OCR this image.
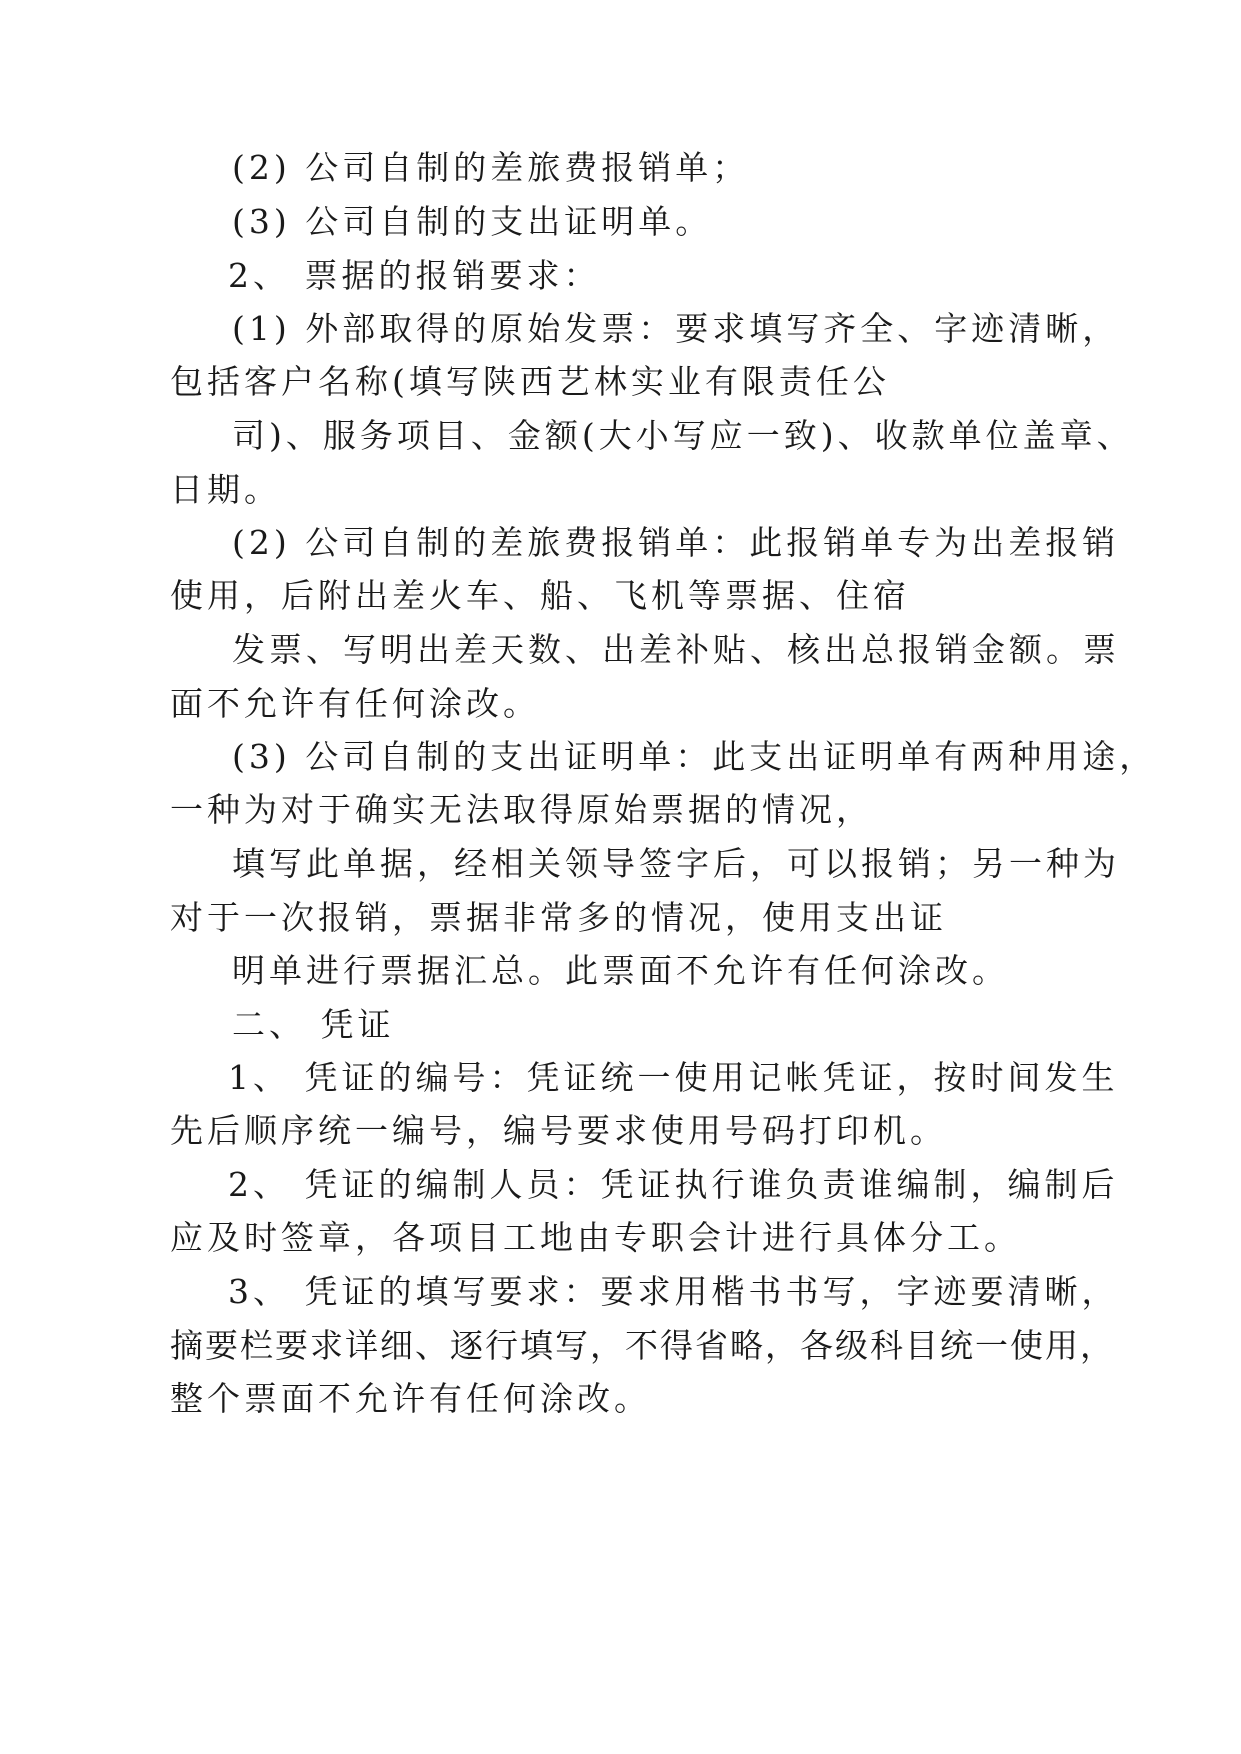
(2) 公司自制的差旅费报销单；
(3) 公司自制的支出证明单。
2、 票据的报销要求：
(1) 外部取得的原始发票：要求填写齐全、字迹清晰，
包括客户名称(填写陕西艺林实业有限责任公
司)、服务项目、金额(大小写应一致)、收款单位盖章、
日期。
(2) 公司自制的差旅费报销单：此报销单专为出差报销
使用，后附出差火车、船、飞机等票据、住宿
发票、写明出差天数、出差补贴、核出总报销金额。票
面不允许有任何涂改。
(3) 公司自制的支出证明单：此支出证明单有两种用途，
一种为对于确实无法取得原始票据的情况，
填写此单据，经相关领导签字后，可以报销；另一种为
对于一次报销，票据非常多的情况，使用支出证
明单进行票据汇总。此票面不允许有任何涂改。
二、 凭证
1、 凭证的编号：凭证统一使用记帐凭证，按时间发生
先后顺序统一编号，编号要求使用号码打印机。
2、 凭证的编制人员：凭证执行谁负责谁编制，编制后
应及时签章，各项目工地由专职会计进行具体分工。
3、 凭证的填写要求：要求用楷书书写，字迹要清晰，
摘要栏要求详细、逐行填写，不得省略，各级科目统一使用，
整个票面不允许有任何涂改。
